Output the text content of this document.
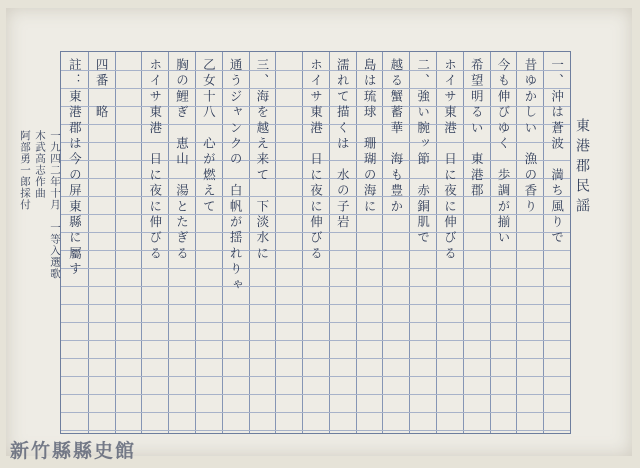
東港郡民謡
一、沖は蒼波　満ち風りで
昔ゆかしい　漁の香り
今も伸びゆく　歩調が揃い
希望明るい　東港郡
ホイサ東港　日に夜に伸びる
二、強い腕ッ節　赤銅肌で
越る蟹蓄華　海も豊か
島は琉球　珊瑚の海に
濡れて描くは　水の子岩
ホイサ東港　日に夜に伸びる
三、海を越え来て　下淡水に
通うジャンクの　白帆が揺れりゃ
乙女十八　心が燃えて
胸の鯉ぎ　恵山　湯とたぎる
ホイサ東港　日に夜に伸びる
四番　略
註：東港郡は今の屏東縣に屬す
一九四二年十月　一等入選歌
木武高志作曲
阿部勇一郎採付
新竹縣縣史館
